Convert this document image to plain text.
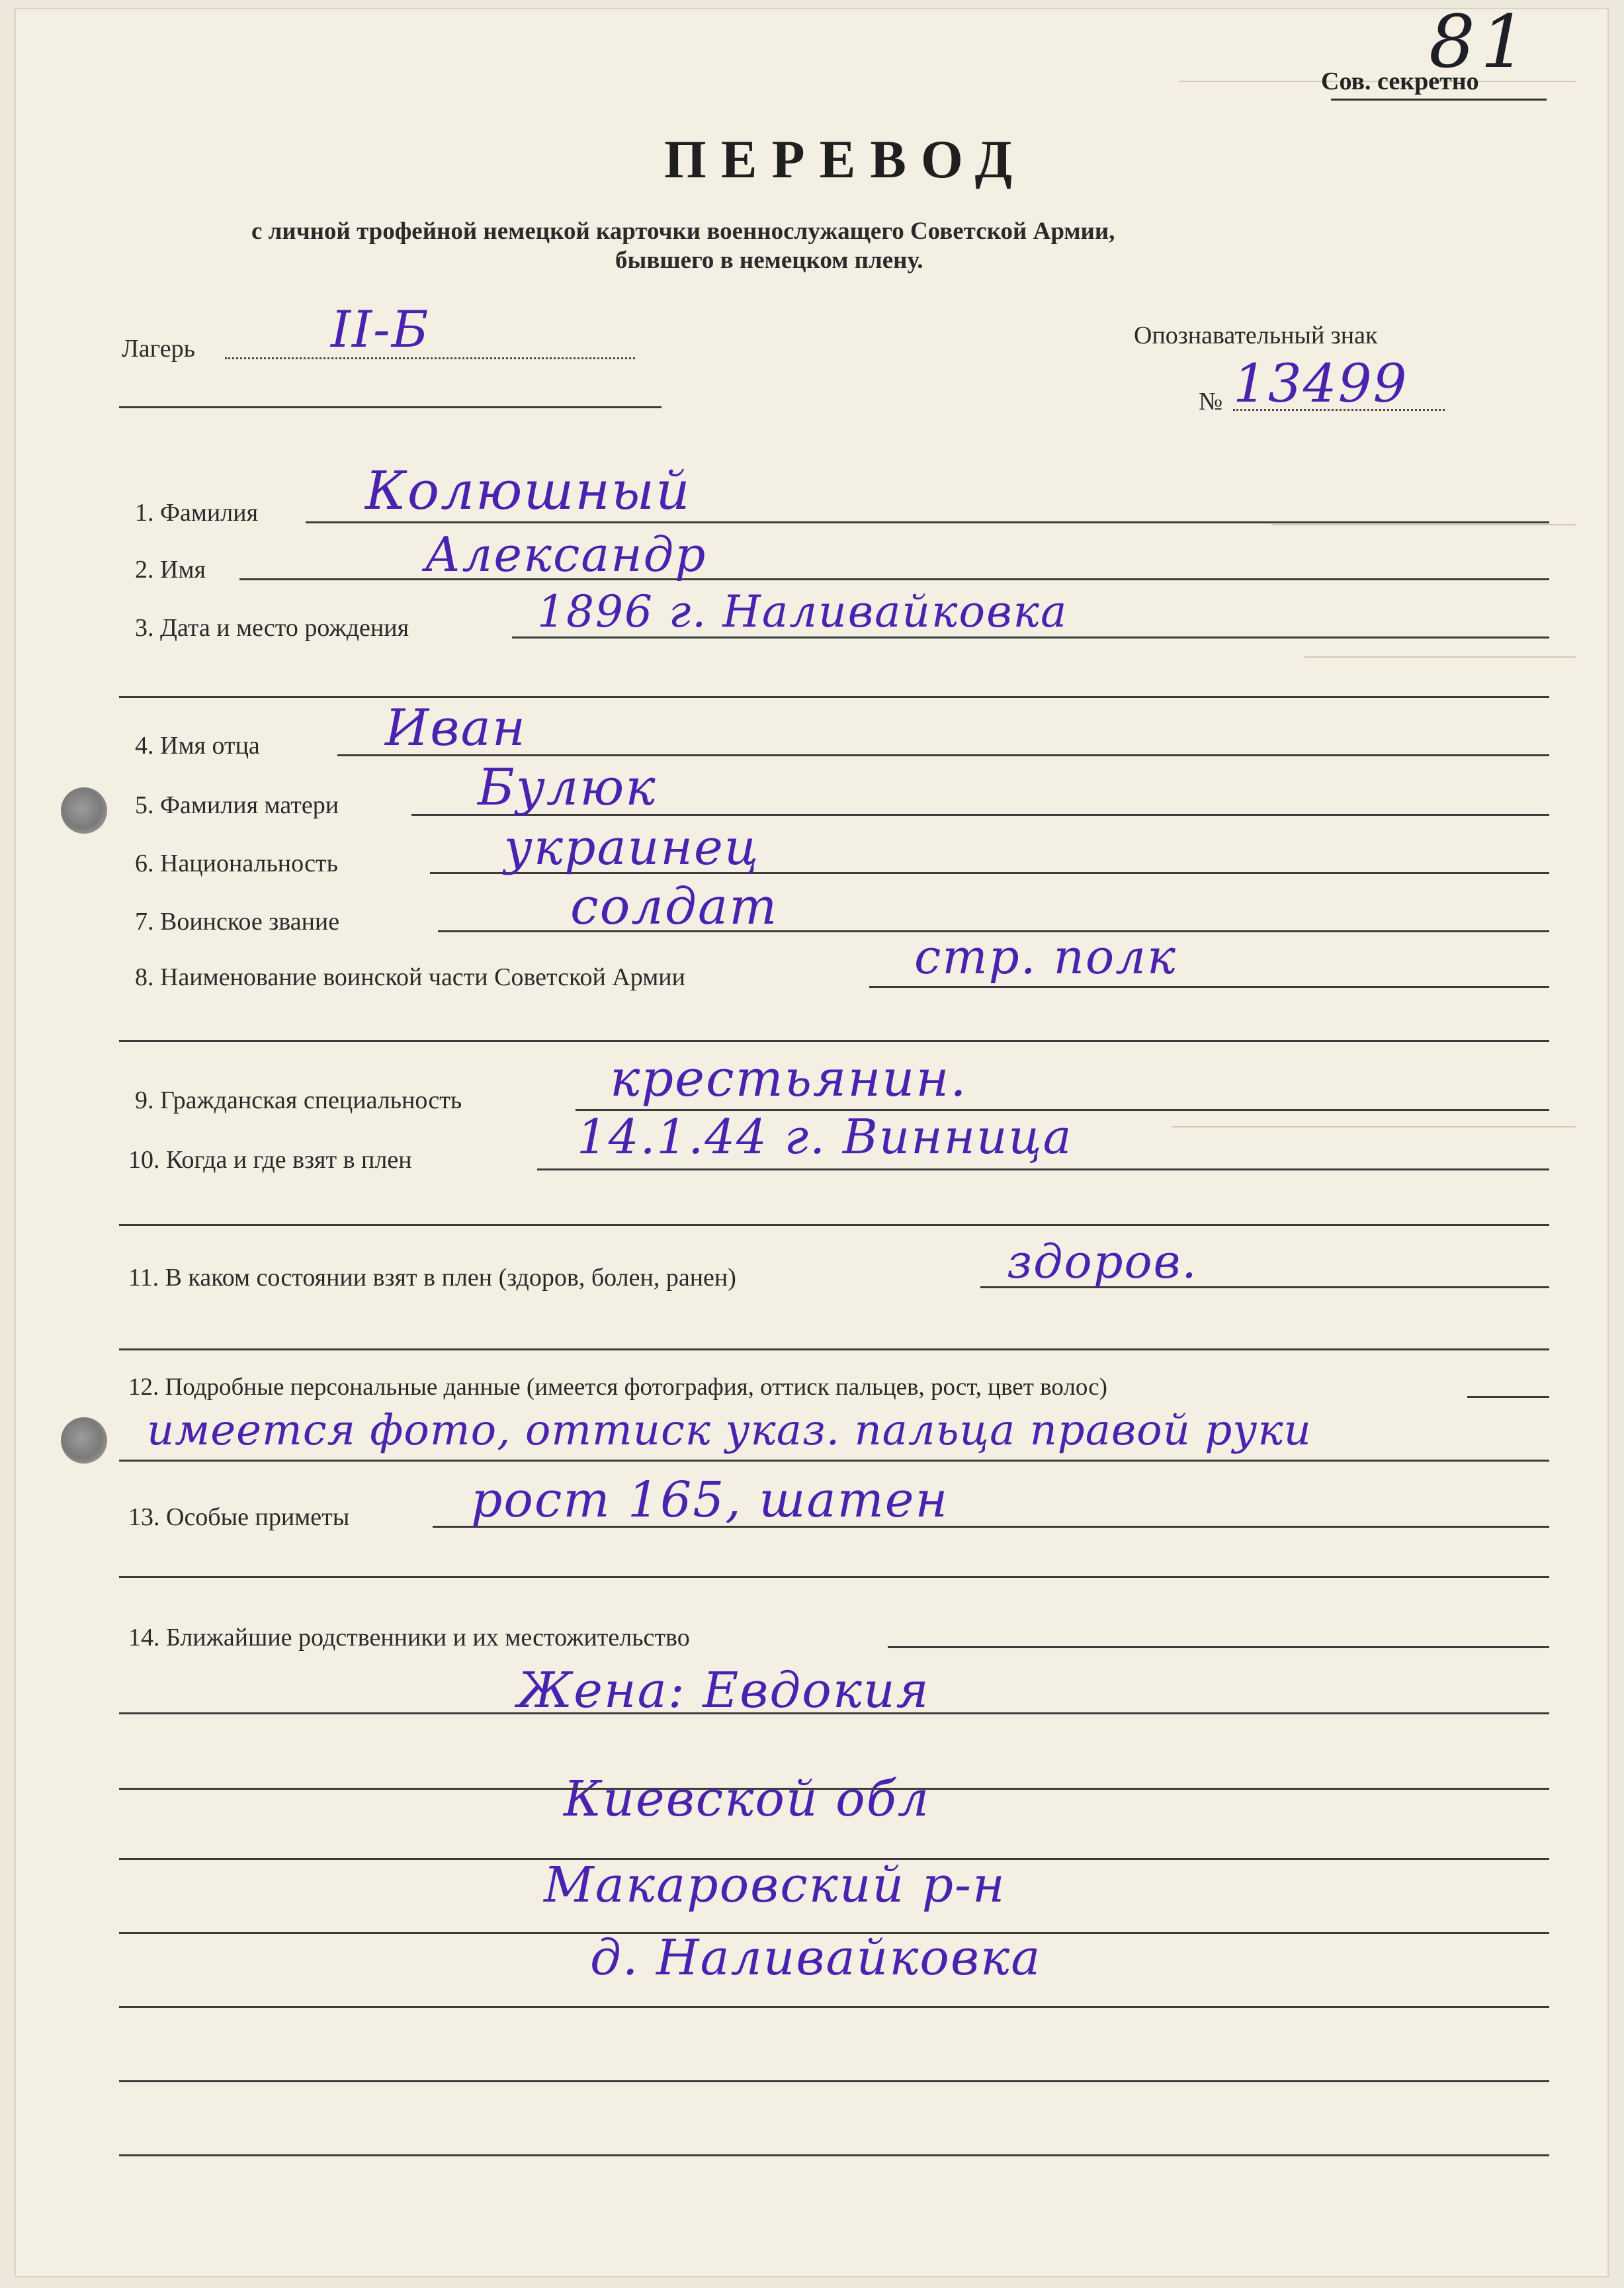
81
Сов. секретно
ПЕРЕВОД
с личной трофейной немецкой карточки военнослужащего Советской Армии,
бывшего в немецком плену.
Лагерь	II-Б	Опознавательный знак
№ 13499
1. Фамилия Колюшный
2. Имя	Александр
3. Дата и место рождения	1896 г. Наливайковка
4. Имя отца Иван
5. Фамилия матери	Булюк
6. Национальность	украинец
7. Воинское звание	солдат
8. Наименование воинской части Советской Армии	стр. полк
9. Гражданская специальность	крестьянин.
10. Когда и где взят в плен	14.1.44 г. Винница
11. В каком состоянии взят в плен (здоров, болен, ранен)	здоров.
12. Подробные персональные данные (имеется фотография, оттиск пальцев, рост, цвет волос)
имеется фото, оттиск указ. пальца правой руки
13. Особые приметы рост 165, шатен
14. Ближайшие родственники и их местожительство
Жена: Евдокия
Киевской обл
Макаровский р-н
д. Наливайковка
